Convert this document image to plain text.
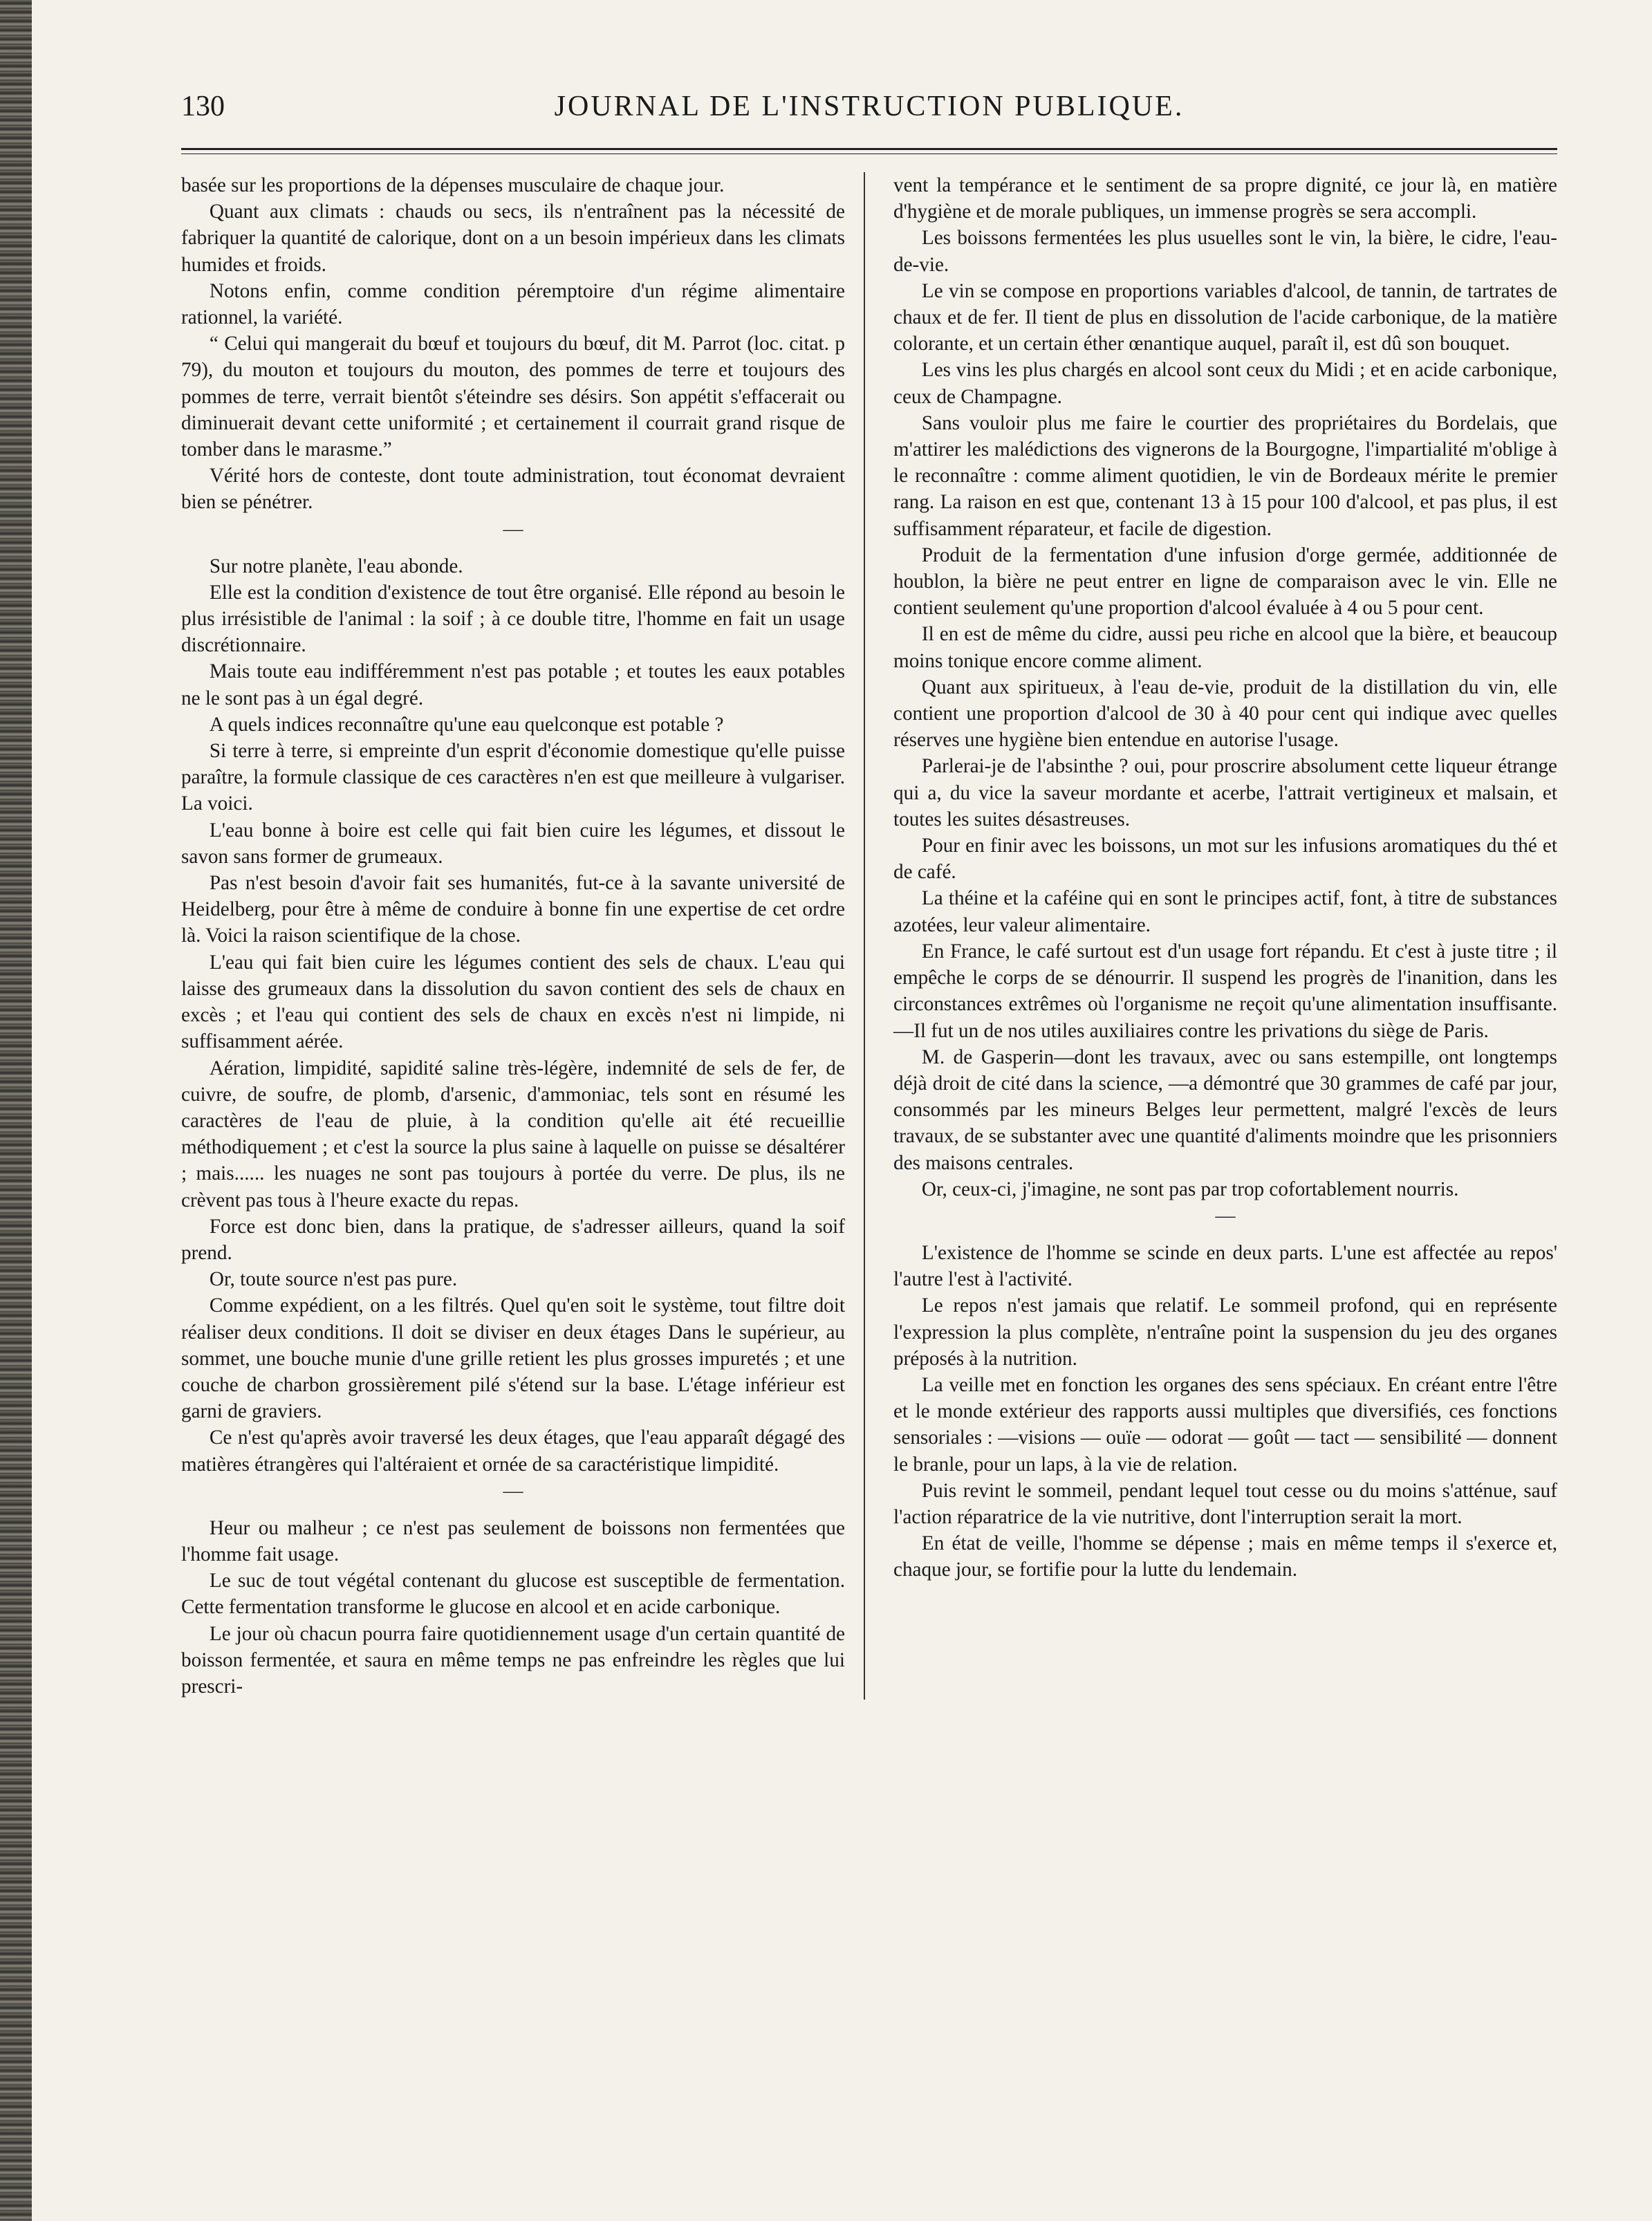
130	JOURNAL DE L'INSTRUCTION PUBLIQUE.

basée sur les proportions de la dépenses musculaire de chaque jour.

Quant aux climats : chauds ou secs, ils n'entraînent pas la nécessité de fabriquer la quantité de calorique, dont on a un besoin impérieux dans les climats humides et froids.

Notons enfin, comme condition péremptoire d'un régime alimentaire rationnel, la variété.

“ Celui qui mangerait du bœuf et toujours du bœuf, dit M. Parrot (loc. citat. p 79), du mouton et toujours du mouton, des pommes de terre et toujours des pommes de terre, verrait bientôt s'éteindre ses désirs. Son appétit s'effacerait ou diminuerait devant cette uniformité ; et certainement il courrait grand risque de tomber dans le marasme.”

Vérité hors de conteste, dont toute administration, tout économat devraient bien se pénétrer.

—

Sur notre planète, l'eau abonde.

Elle est la condition d'existence de tout être organisé. Elle répond au besoin le plus irrésistible de l'animal : la soif ; à ce double titre, l'homme en fait un usage discrétionnaire.

Mais toute eau indifféremment n'est pas potable ; et toutes les eaux potables ne le sont pas à un égal degré.

A quels indices reconnaître qu'une eau quelconque est potable ?

Si terre à terre, si empreinte d'un esprit d'économie domestique qu'elle puisse paraître, la formule classique de ces caractères n'en est que meilleure à vulgariser. La voici.

L'eau bonne à boire est celle qui fait bien cuire les légumes, et dissout le savon sans former de grumeaux.

Pas n'est besoin d'avoir fait ses humanités, fut-ce à la savante université de Heidelberg, pour être à même de conduire à bonne fin une expertise de cet ordre là. Voici la raison scientifique de la chose.

L'eau qui fait bien cuire les légumes contient des sels de chaux. L'eau qui laisse des grumeaux dans la dissolution du savon contient des sels de chaux en excès ; et l'eau qui contient des sels de chaux en excès n'est ni limpide, ni suffisamment aérée.

Aération, limpidité, sapidité saline très-légère, indemnité de sels de fer, de cuivre, de soufre, de plomb, d'arsenic, d'ammoniac, tels sont en résumé les caractères de l'eau de pluie, à la condition qu'elle ait été recueillie méthodiquement ; et c'est la source la plus saine à laquelle on puisse se désaltérer ; mais...... les nuages ne sont pas toujours à portée du verre. De plus, ils ne crèvent pas tous à l'heure exacte du repas.

Force est donc bien, dans la pratique, de s'adresser ailleurs, quand la soif prend.

Or, toute source n'est pas pure.

Comme expédient, on a les filtrés. Quel qu'en soit le système, tout filtre doit réaliser deux conditions. Il doit se diviser en deux étages Dans le supérieur, au sommet, une bouche munie d'une grille retient les plus grosses impuretés ; et une couche de charbon grossièrement pilé s'étend sur la base. L'étage inférieur est garni de graviers.

Ce n'est qu'après avoir traversé les deux étages, que l'eau apparaît dégagé des matières étrangères qui l'altéraient et ornée de sa caractéristique limpidité.

—

Heur ou malheur ; ce n'est pas seulement de boissons non fermentées que l'homme fait usage.

Le suc de tout végétal contenant du glucose est susceptible de fermentation. Cette fermentation transforme le glucose en alcool et en acide carbonique.

Le jour où chacun pourra faire quotidiennement usage d'un certain quantité de boisson fermentée, et saura en même temps ne pas enfreindre les règles que lui prescri-

vent la tempérance et le sentiment de sa propre dignité, ce jour là, en matière d'hygiène et de morale publiques, un immense progrès se sera accompli.

Les boissons fermentées les plus usuelles sont le vin, la bière, le cidre, l'eau-de-vie.

Le vin se compose en proportions variables d'alcool, de tannin, de tartrates de chaux et de fer. Il tient de plus en dissolution de l'acide carbonique, de la matière colorante, et un certain éther œnantique auquel, paraît il, est dû son bouquet.

Les vins les plus chargés en alcool sont ceux du Midi ; et en acide carbonique, ceux de Champagne.

Sans vouloir plus me faire le courtier des propriétaires du Bordelais, que m'attirer les malédictions des vignerons de la Bourgogne, l'impartialité m'oblige à le reconnaître : comme aliment quotidien, le vin de Bordeaux mérite le premier rang. La raison en est que, contenant 13 à 15 pour 100 d'alcool, et pas plus, il est suffisamment réparateur, et facile de digestion.

Produit de la fermentation d'une infusion d'orge germée, additionnée de houblon, la bière ne peut entrer en ligne de comparaison avec le vin. Elle ne contient seulement qu'une proportion d'alcool évaluée à 4 ou 5 pour cent.

Il en est de même du cidre, aussi peu riche en alcool que la bière, et beaucoup moins tonique encore comme aliment.

Quant aux spiritueux, à l'eau de-vie, produit de la distillation du vin, elle contient une proportion d'alcool de 30 à 40 pour cent qui indique avec quelles réserves une hygiène bien entendue en autorise l'usage.

Parlerai-je de l'absinthe ? oui, pour proscrire absolument cette liqueur étrange qui a, du vice la saveur mordante et acerbe, l'attrait vertigineux et malsain, et toutes les suites désastreuses.

Pour en finir avec les boissons, un mot sur les infusions aromatiques du thé et de café.

La théine et la caféine qui en sont le principes actif, font, à titre de substances azotées, leur valeur alimentaire.

En France, le café surtout est d'un usage fort répandu. Et c'est à juste titre ; il empêche le corps de se dénourrir. Il suspend les progrès de l'inanition, dans les circonstances extrêmes où l'organisme ne reçoit qu'une alimentation insuffisante. —Il fut un de nos utiles auxiliaires contre les privations du siège de Paris.

M. de Gasperin—dont les travaux, avec ou sans estempille, ont longtemps déjà droit de cité dans la science, —a démontré que 30 grammes de café par jour, consommés par les mineurs Belges leur permettent, malgré l'excès de leurs travaux, de se substanter avec une quantité d'aliments moindre que les prisonniers des maisons centrales.

Or, ceux-ci, j'imagine, ne sont pas par trop cofortablement nourris.

—

L'existence de l'homme se scinde en deux parts. L'une est affectée au repos' l'autre l'est à l'activité.

Le repos n'est jamais que relatif. Le sommeil profond, qui en représente l'expression la plus complète, n'entraîne point la suspension du jeu des organes préposés à la nutrition.

La veille met en fonction les organes des sens spéciaux. En créant entre l'être et le monde extérieur des rapports aussi multiples que diversifiés, ces fonctions sensoriales : —visions — ouïe — odorat — goût — tact — sensibilité — donnent le branle, pour un laps, à la vie de relation.

Puis revint le sommeil, pendant lequel tout cesse ou du moins s'atténue, sauf l'action réparatrice de la vie nutritive, dont l'interruption serait la mort.

En état de veille, l'homme se dépense ; mais en même temps il s'exerce et, chaque jour, se fortifie pour la lutte du lendemain.
